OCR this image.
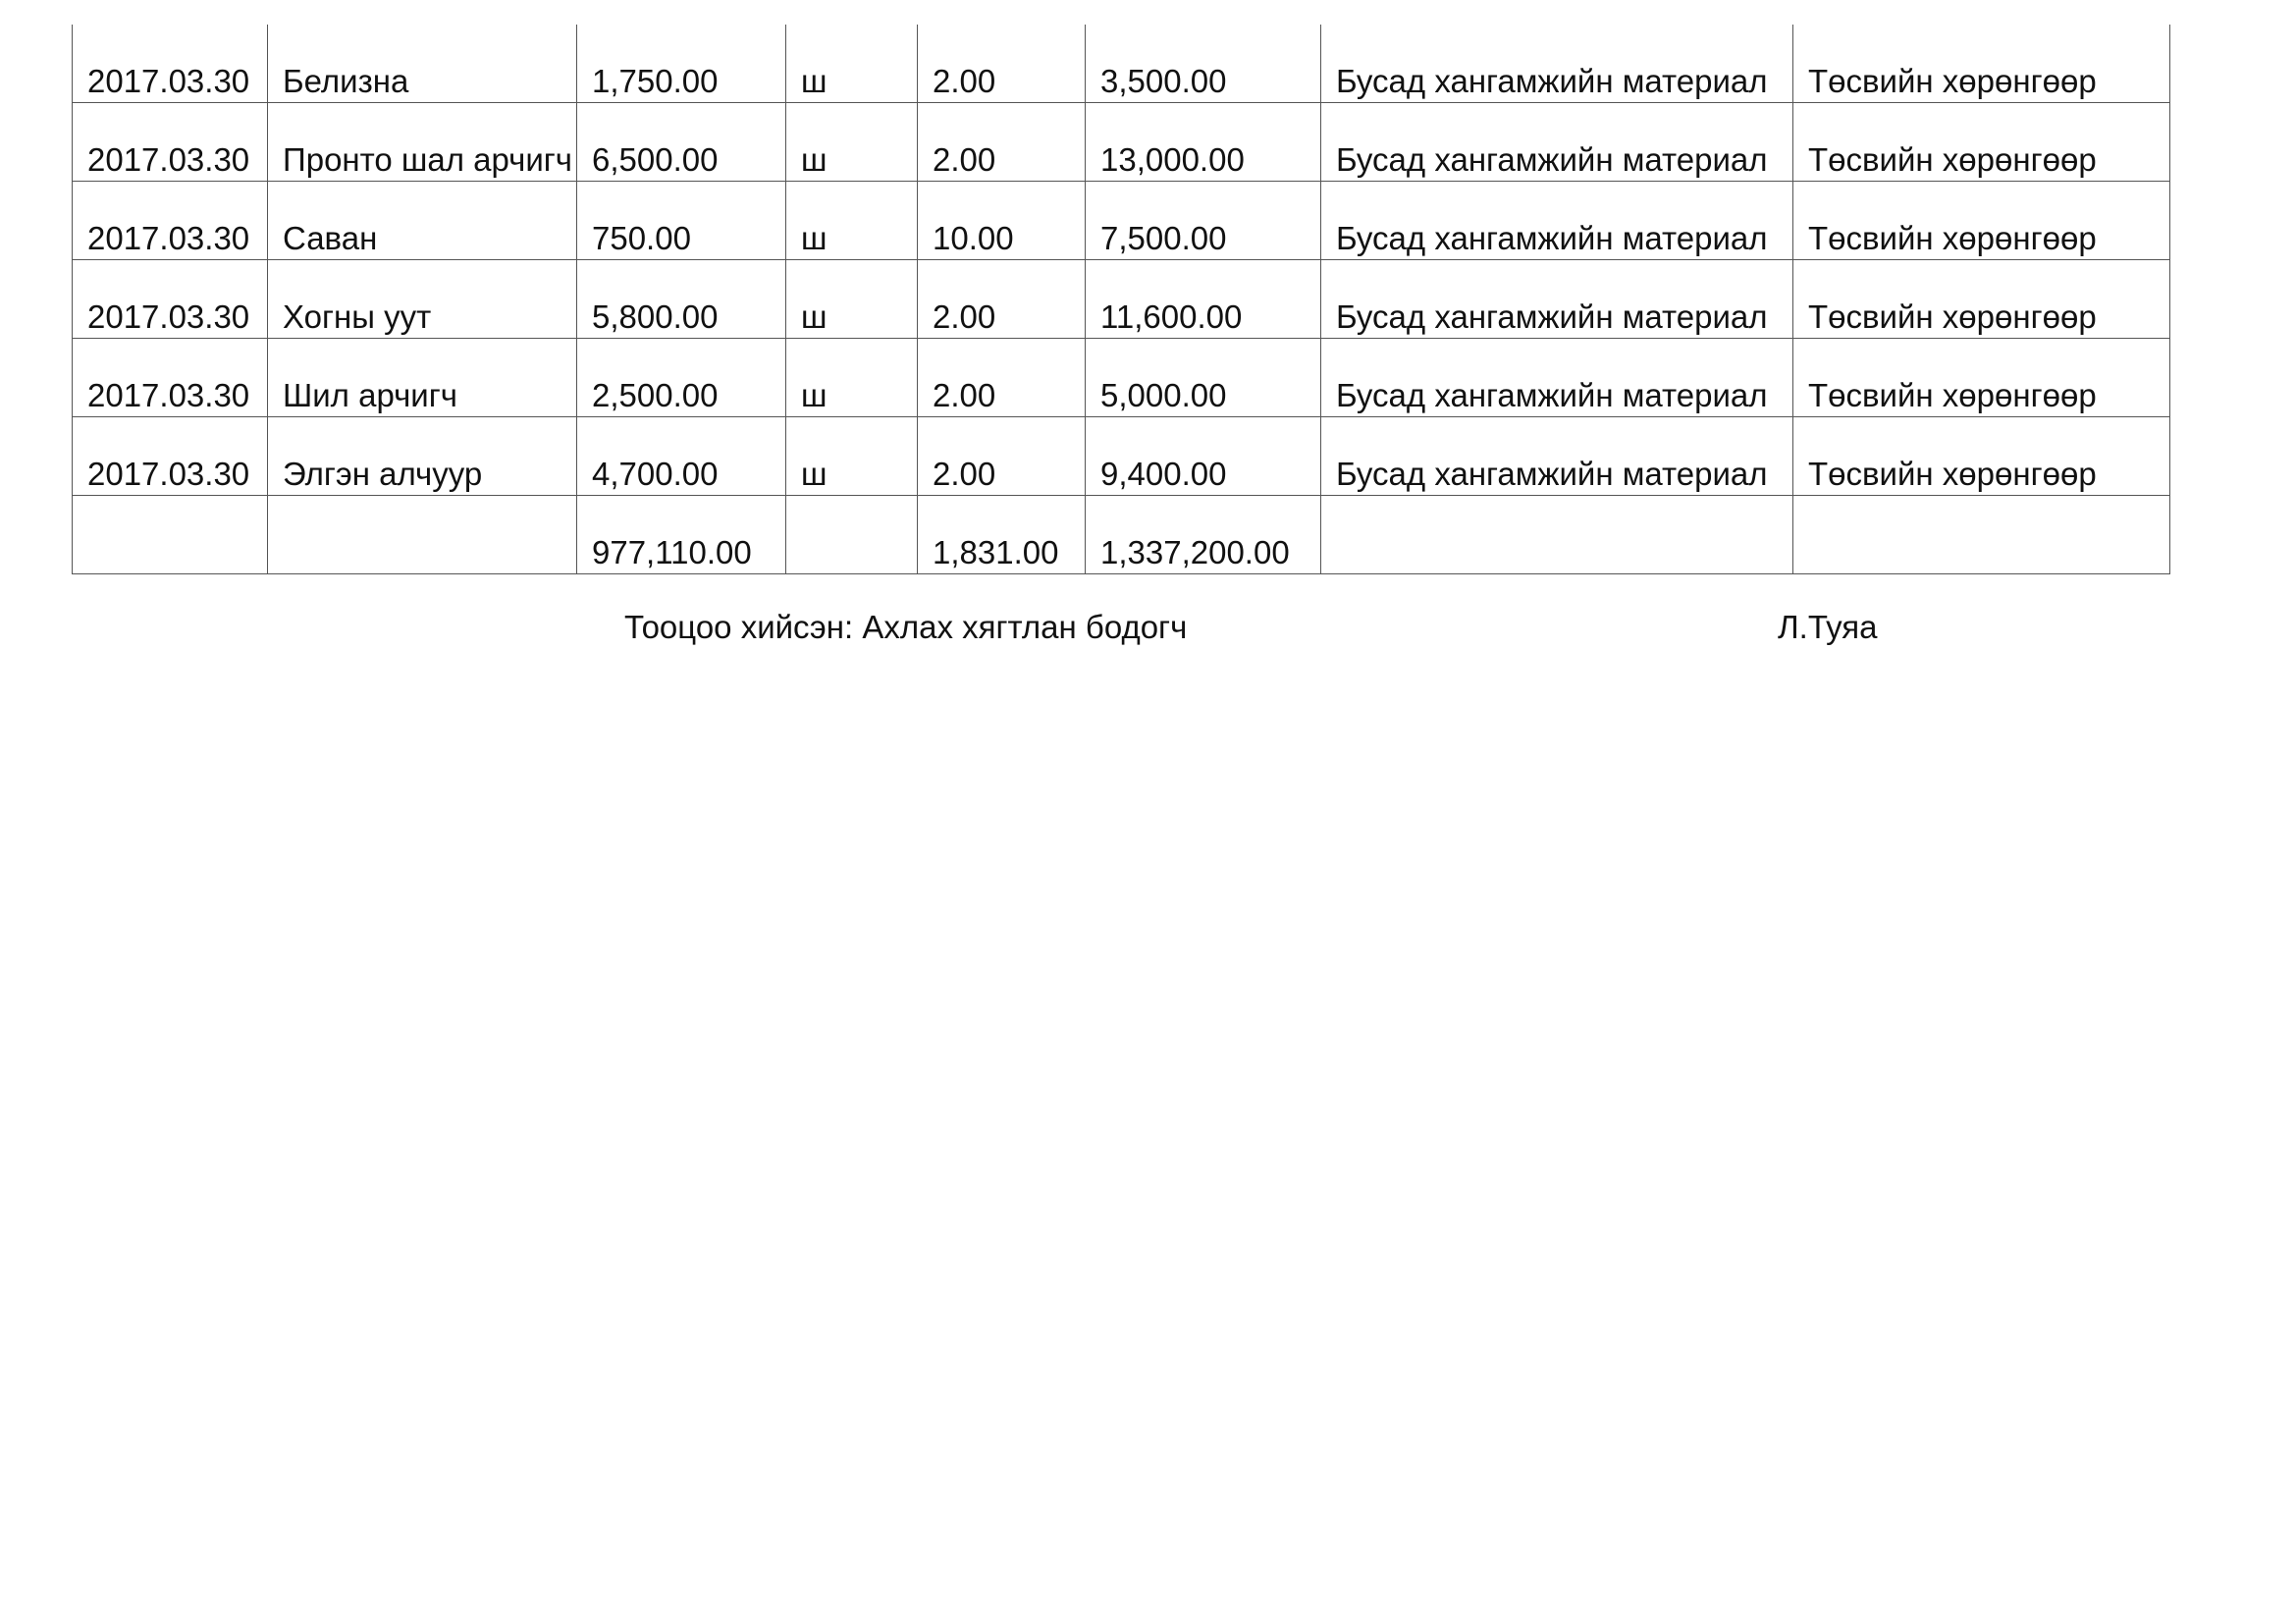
2017.03.30	Белизна	1,750.00	ш	2.00	3,500.00	Бусад хангамжийн материал	Төсвийн хөрөнгөөр
2017.03.30	Пронто шал арчигч	6,500.00	ш	2.00	13,000.00	Бусад хангамжийн материал	Төсвийн хөрөнгөөр
2017.03.30	Саван	750.00	ш	10.00	7,500.00	Бусад хангамжийн материал	Төсвийн хөрөнгөөр
2017.03.30	Хогны уут	5,800.00	ш	2.00	11,600.00	Бусад хангамжийн материал	Төсвийн хөрөнгөөр
2017.03.30	Шил арчигч	2,500.00	ш	2.00	5,000.00	Бусад хангамжийн материал	Төсвийн хөрөнгөөр
2017.03.30	Элгэн алчуур	4,700.00	ш	2.00	9,400.00	Бусад хангамжийн материал	Төсвийн хөрөнгөөр
		977,110.00		1,831.00	1,337,200.00		
Тооцоо хийсэн: Ахлах хягтлан бодогч	Л.Туяа
